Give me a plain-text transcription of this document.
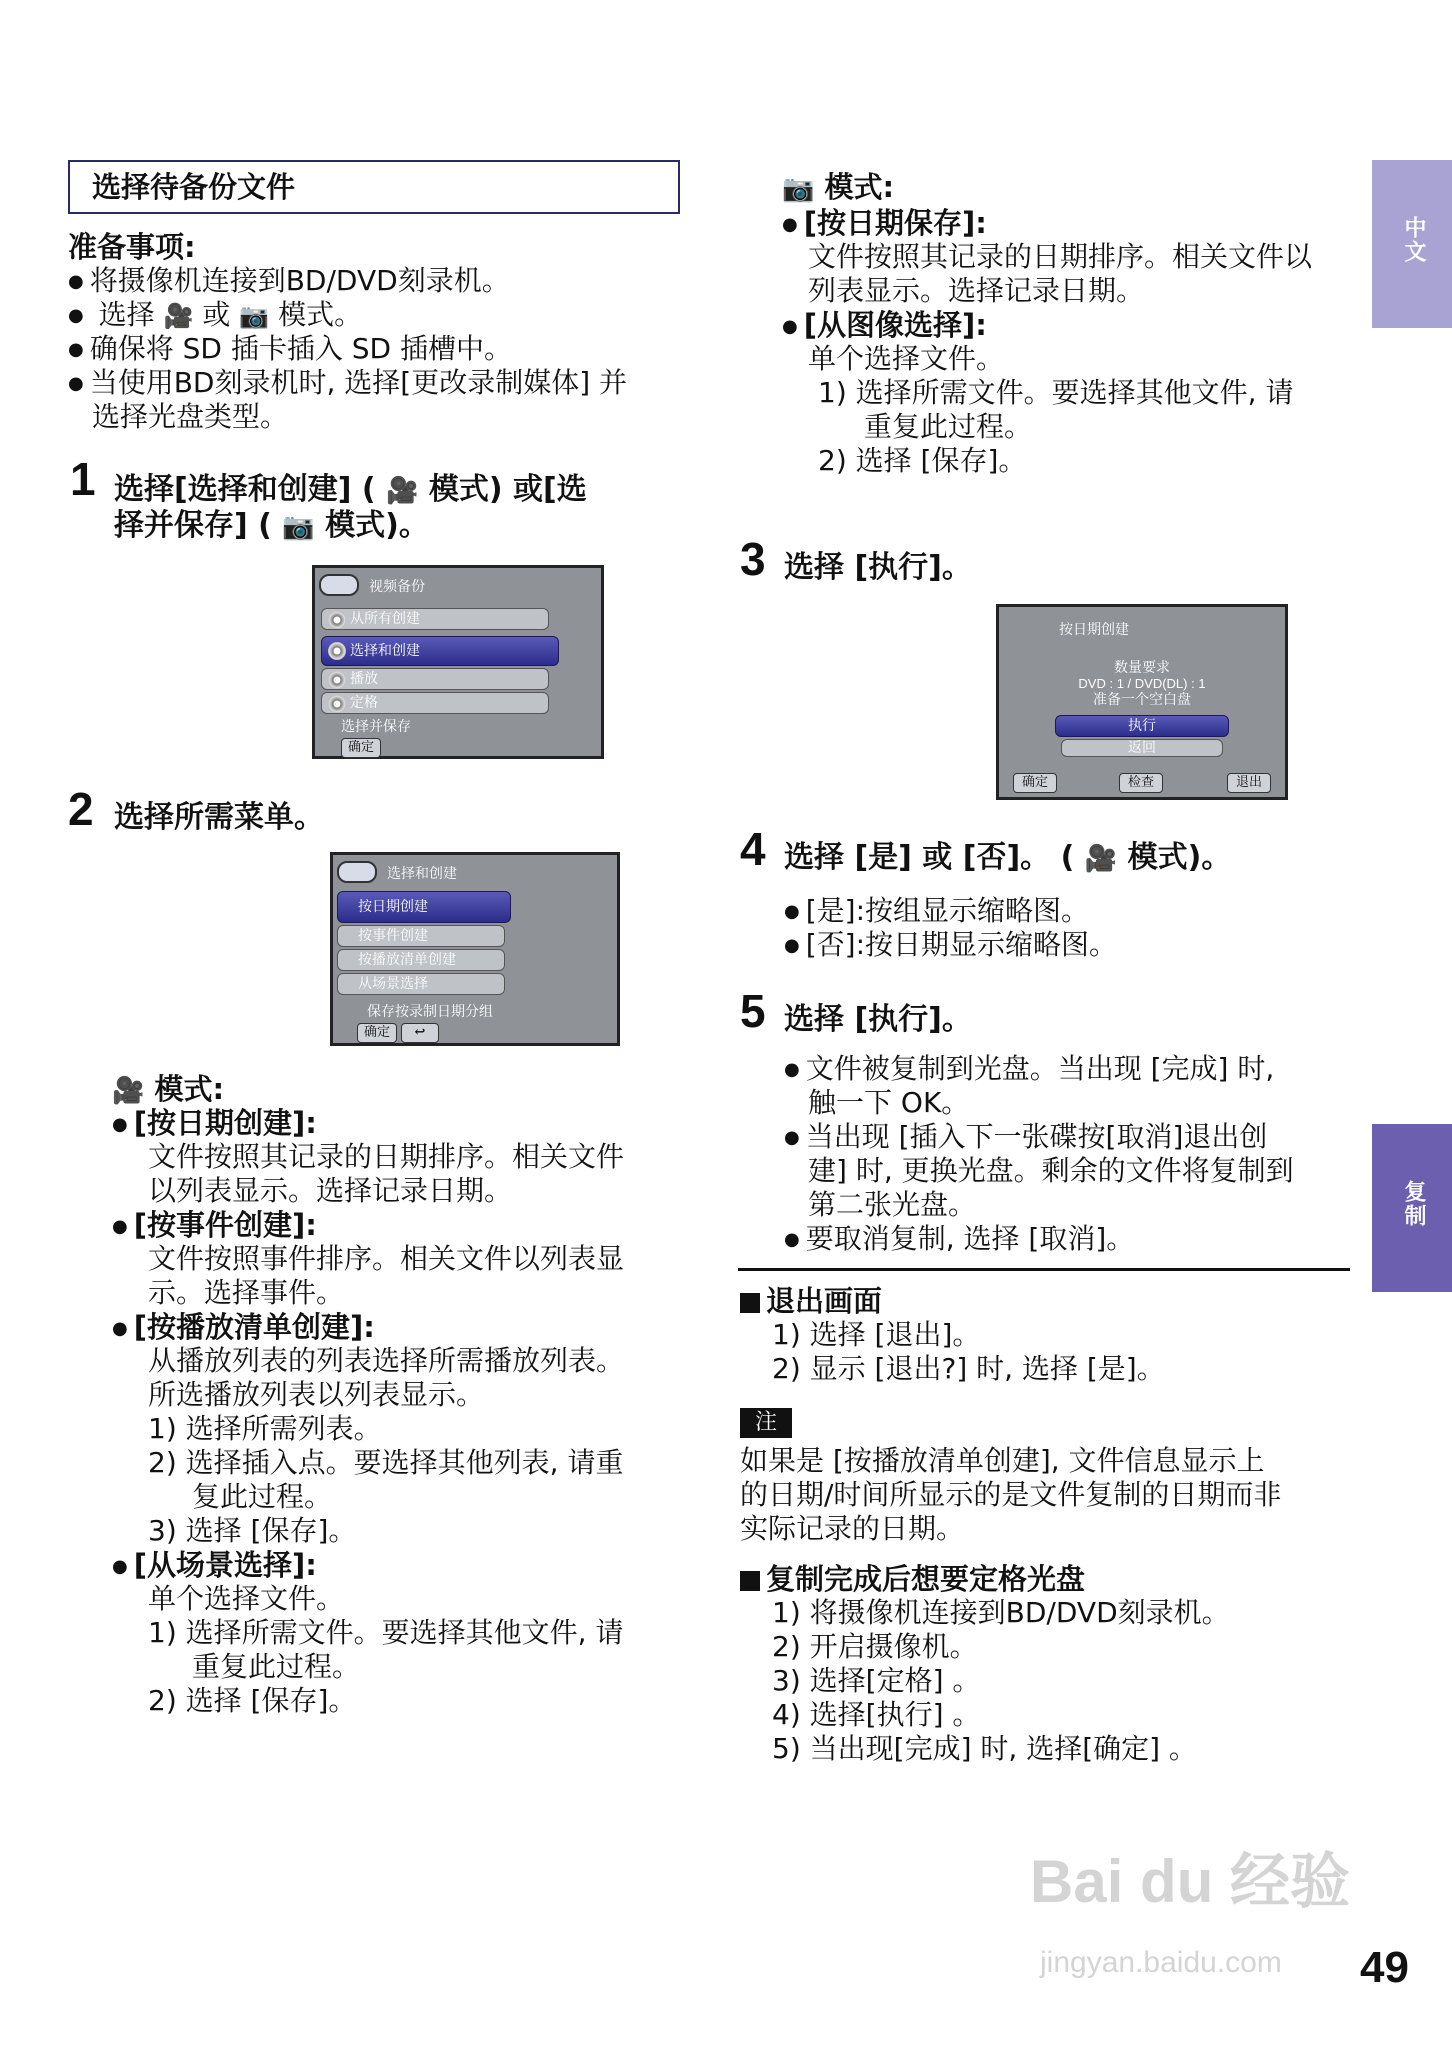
选择待备份文件
准备事项:
● 将摄像机连接到BD/DVD刻录机。
● 选择 🎥 或 📷 模式。
● 确保将 SD 插卡插入 SD 插槽中。
● 当使用BD刻录机时, 选择[更改录制媒体] 并
选择光盘类型。
1 选择[选择和创建] ( 🎥 模式) 或[选
择并保存] ( 📷 模式)。
视频备份
从所有创建
选择和创建
播放
定格
选择并保存
确定
2 选择所需菜单。
选择和创建
按日期创建
按事件创建
按播放清单创建
从场景选择
保存按录制日期分组
确定	↩
🎥 模式:
● [按日期创建]:
文件按照其记录的日期排序。相关文件
以列表显示。选择记录日期。
● [按事件创建]:
文件按照事件排序。相关文件以列表显
示。选择事件。
● [按播放清单创建]:
从播放列表的列表选择所需播放列表。
所选播放列表以列表显示。
1) 选择所需列表。
2) 选择插入点。要选择其他列表, 请重
复此过程。
3) 选择 [保存]。
● [从场景选择]:
单个选择文件。
1) 选择所需文件。要选择其他文件, 请
重复此过程。
2) 选择 [保存]。
📷 模式:
● [按日期保存]:
文件按照其记录的日期排序。相关文件以
列表显示。选择记录日期。
● [从图像选择]:
单个选择文件。
1) 选择所需文件。要选择其他文件, 请
重复此过程。
2) 选择 [保存]。
3 选择 [执行]。
按日期创建
数量要求
DVD : 1 / DVD(DL) : 1
准备一个空白盘
执行
返回
确定	检查	退出
4 选择 [是] 或 [否]。 ( 🎥 模式)。
● [是]:按组显示缩略图。
● [否]:按日期显示缩略图。
5 选择 [执行]。
● 文件被复制到光盘。当出现 [完成] 时,
触一下 OK。
● 当出现 [插入下一张碟按[取消]退出创
建] 时, 更换光盘。剩余的文件将复制到
第二张光盘。
● 要取消复制, 选择 [取消]。
退出画面
1) 选择 [退出]。
2) 显示 [退出?] 时, 选择 [是]。
注
如果是 [按播放清单创建], 文件信息显示上
的日期/时间所显示的是文件复制的日期而非
实际记录的日期。
复制完成后想要定格光盘
1) 将摄像机连接到BD/DVD刻录机。
2) 开启摄像机。
3) 选择[定格] 。
4) 选择[执行] 。
5) 当出现[完成] 时, 选择[确定] 。
中文
复制
Bai du 经验
jingyan.baidu.com 49
